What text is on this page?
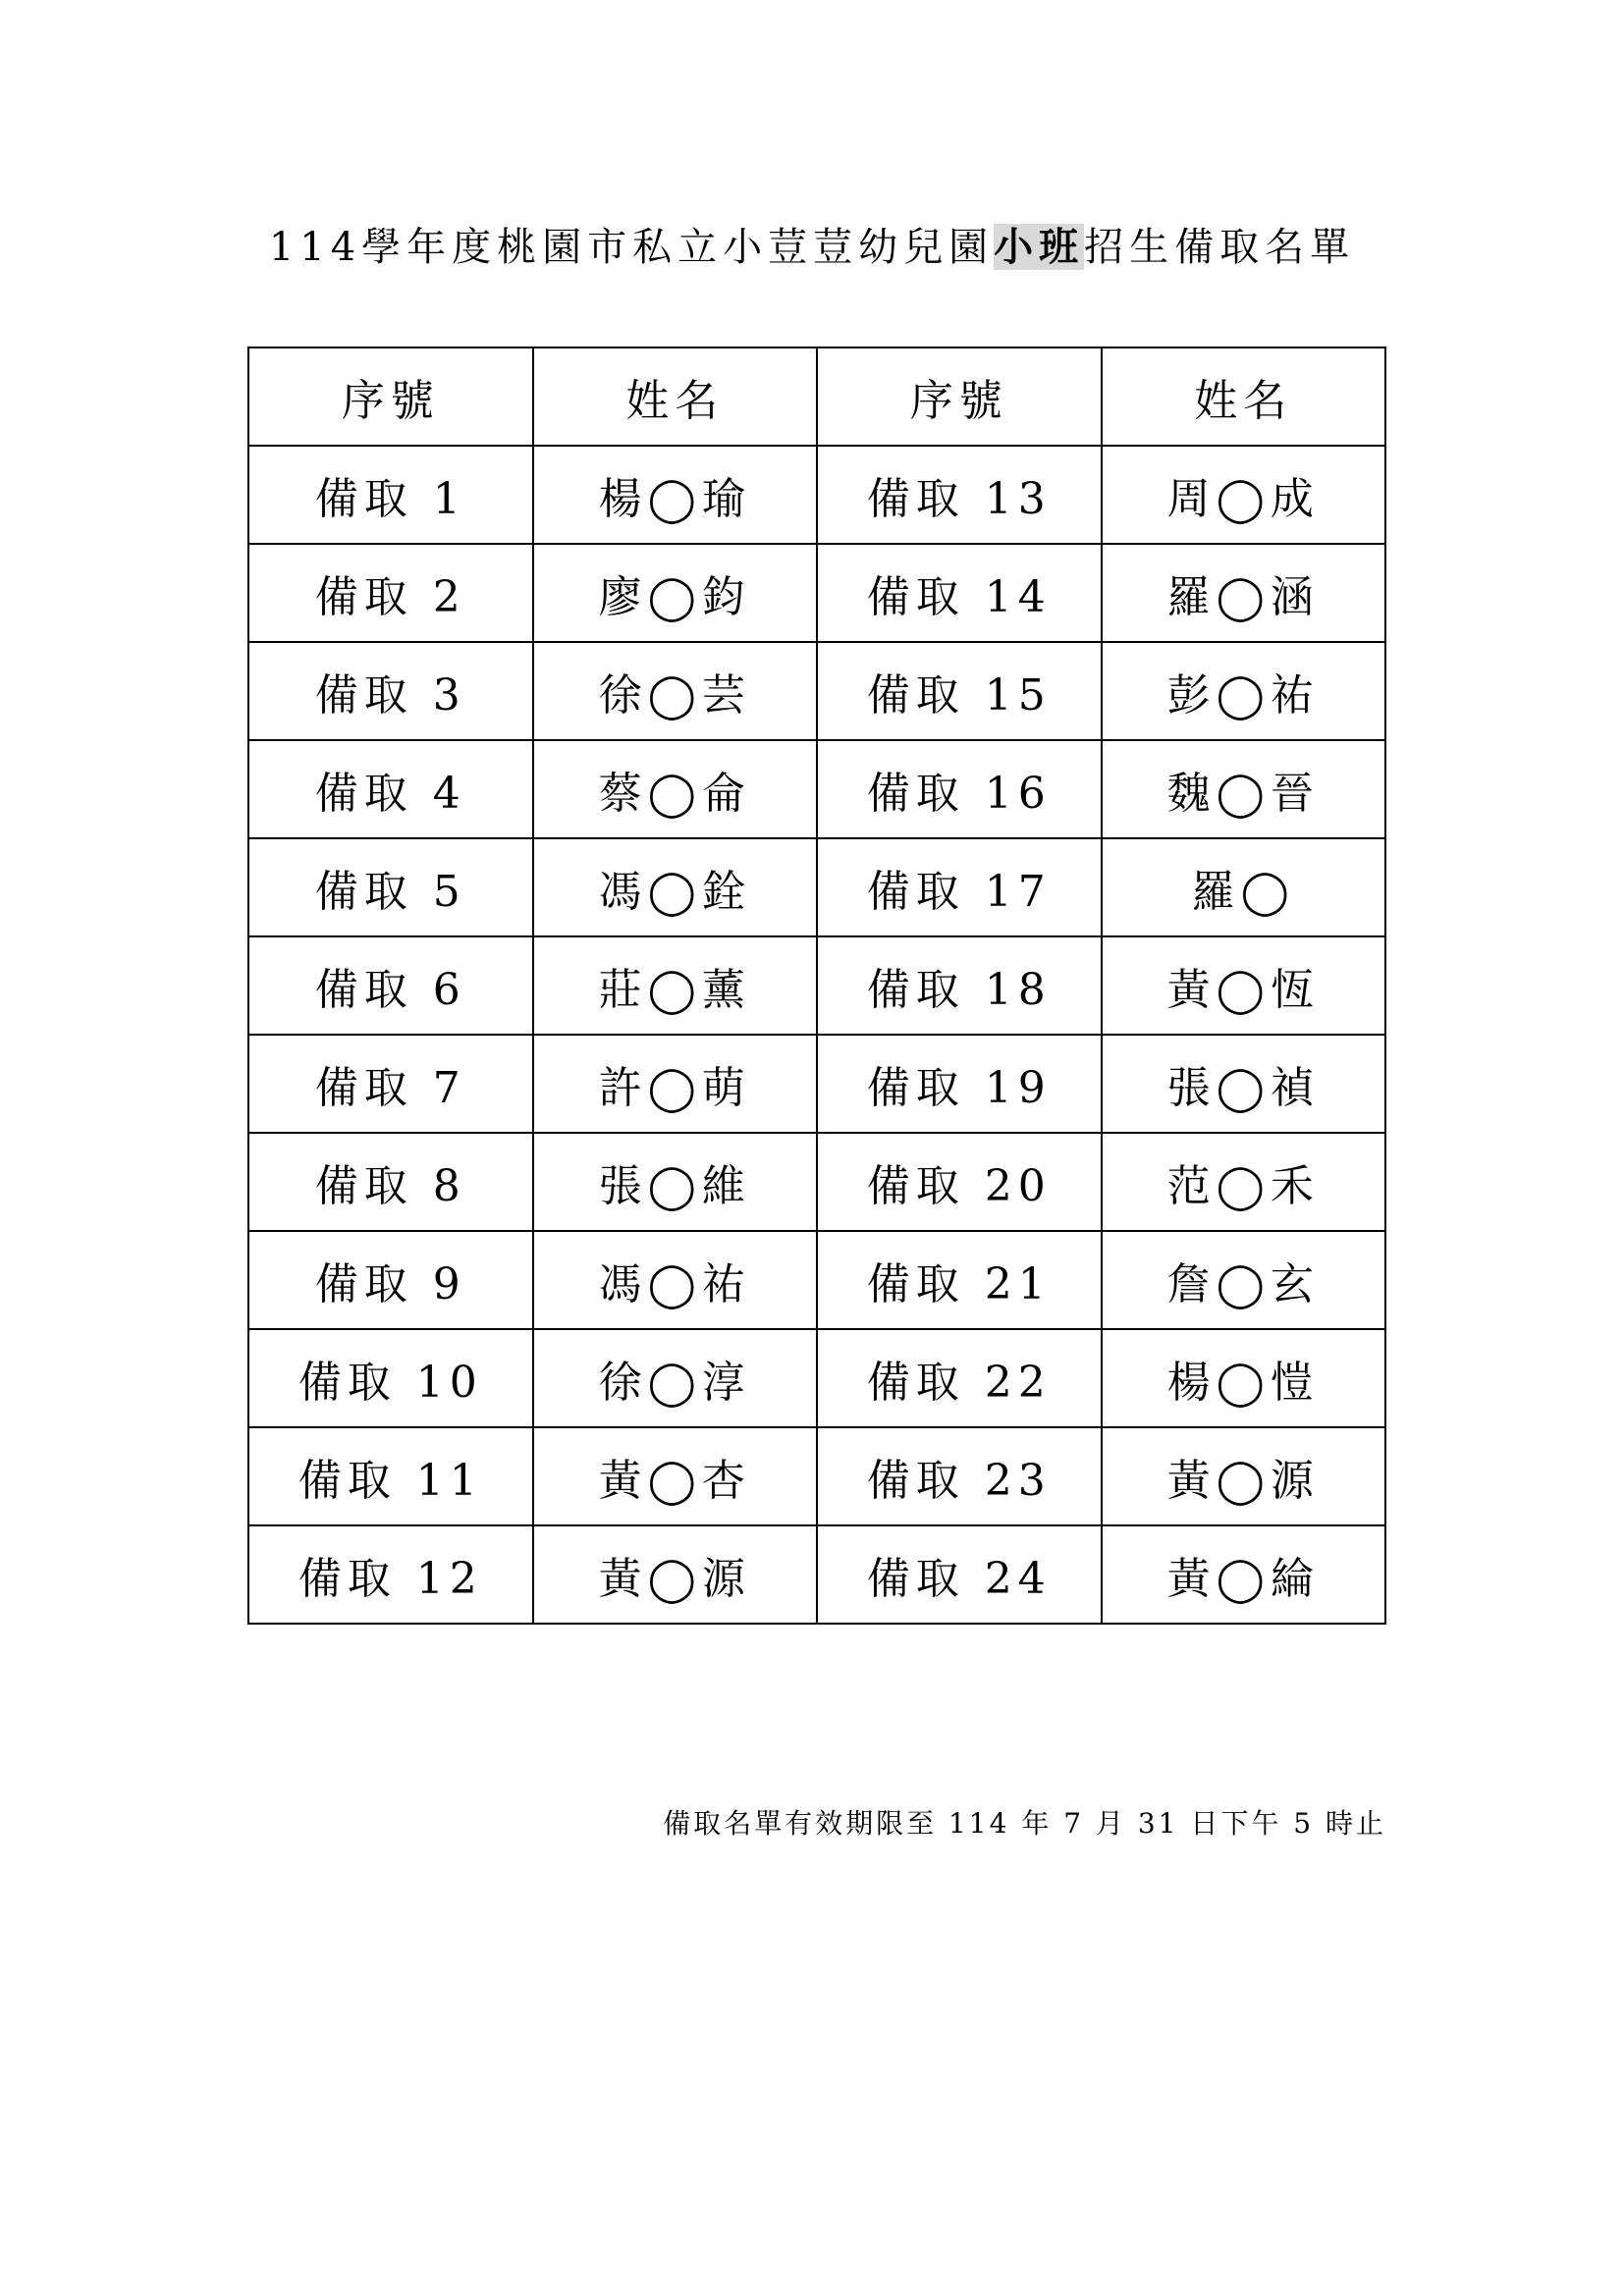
114學年度桃園市私立小荳荳幼兒園小班招生備取名單
序號	姓名	序號	姓名
備取 1	楊◯瑜	備取 13	周◯成
備取 2	廖◯鈞	備取 14	羅◯涵
備取 3	徐◯芸	備取 15	彭◯祐
備取 4	蔡◯侖	備取 16	魏◯晉
備取 5	馮◯銓	備取 17	羅◯
備取 6	莊◯薰	備取 18	黃◯恆
備取 7	許◯萌	備取 19	張◯禎
備取 8	張◯維	備取 20	范◯禾
備取 9	馮◯祐	備取 21	詹◯玄
備取 10	徐◯淳	備取 22	楊◯愷
備取 11	黃◯杏	備取 23	黃◯源
備取 12	黃◯源	備取 24	黃◯綸
備取名單有效期限至 114 年 7 月 31 日下午 5 時止
